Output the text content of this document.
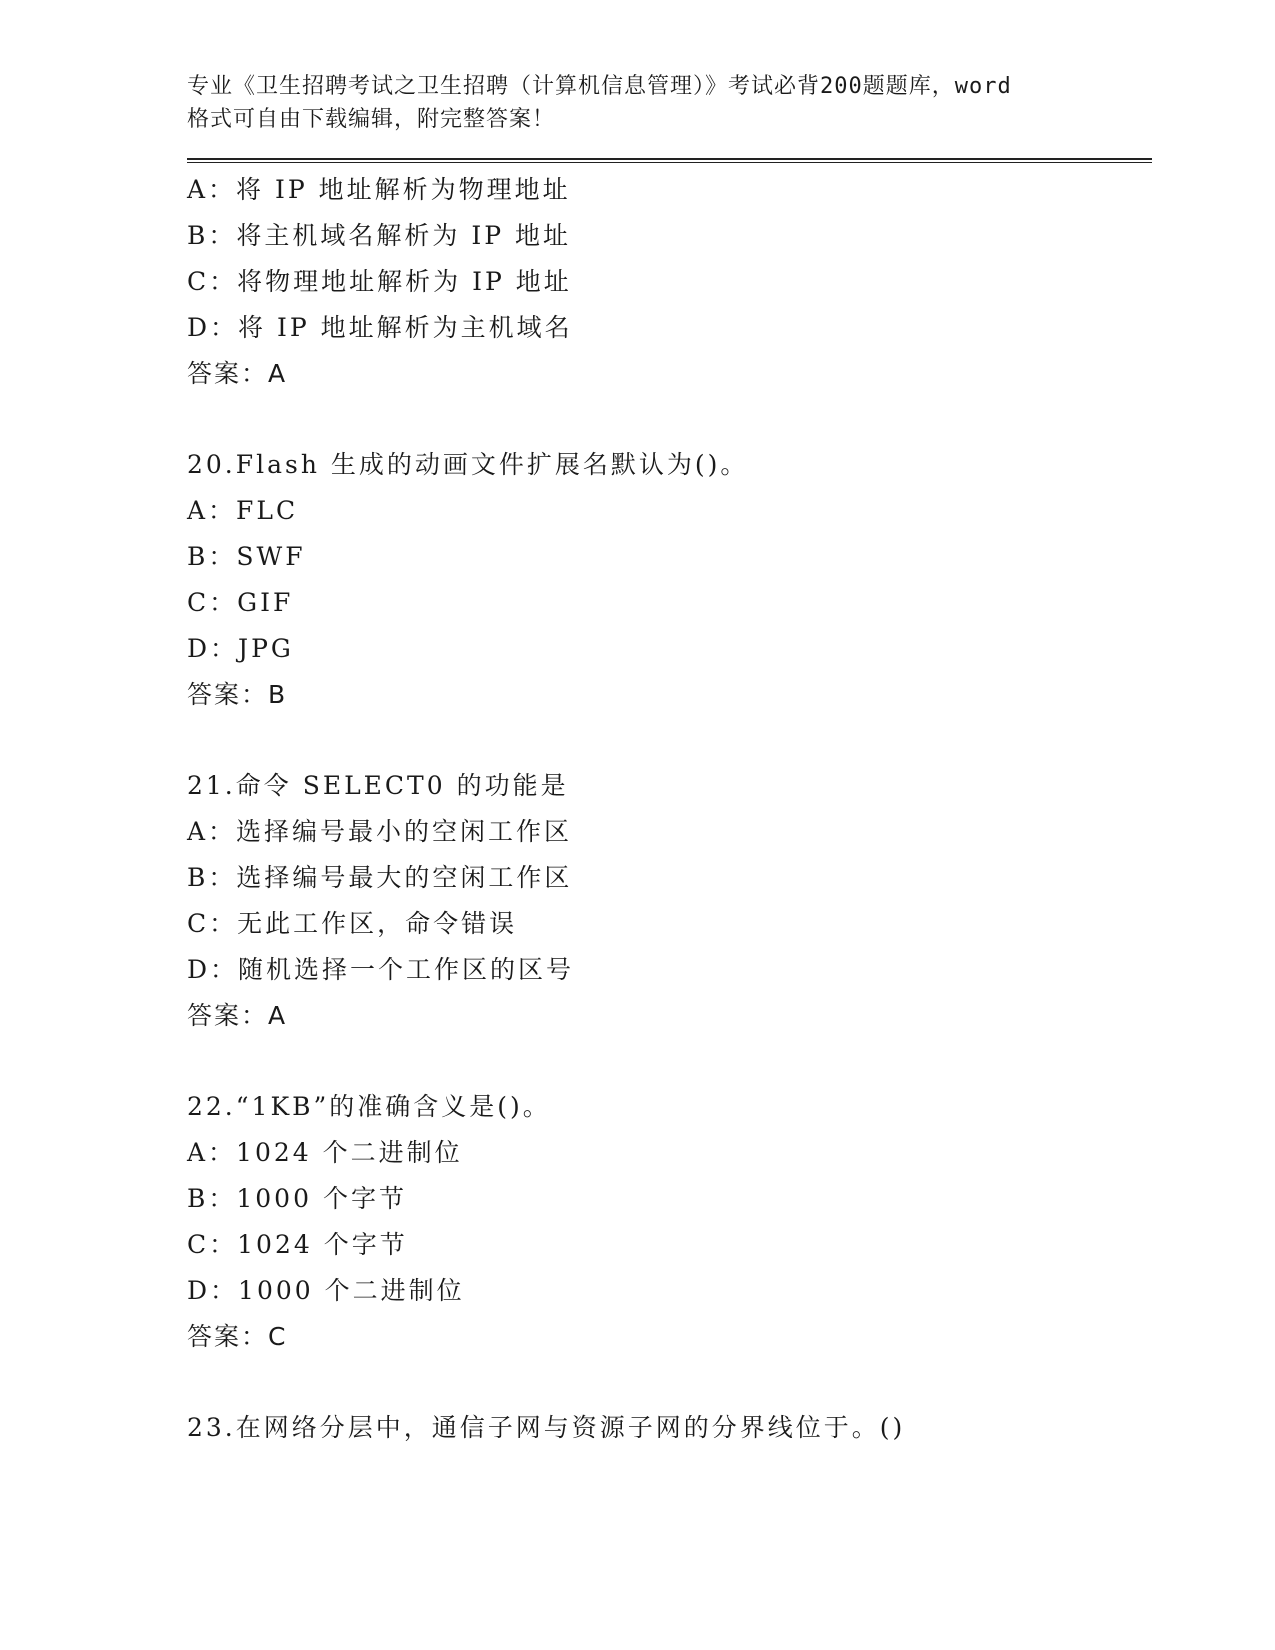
专业《卫生招聘考试之卫生招聘（计算机信息管理）》考试必背200题题库，word
格式可自由下载编辑，附完整答案！
A：将 IP 地址解析为物理地址
B：将主机域名解析为 IP 地址
C：将物理地址解析为 IP 地址
D：将 IP 地址解析为主机域名
答案：A
20.Flash 生成的动画文件扩展名默认为()。
A：FLC
B：SWF
C：GIF
D：JPG
答案：B
21.命令 SELECT0 的功能是
A：选择编号最小的空闲工作区
B：选择编号最大的空闲工作区
C：无此工作区，命令错误
D：随机选择一个工作区的区号
答案：A
22.“1KB”的准确含义是()。
A：1024 个二进制位
B：1000 个字节
C：1024 个字节
D：1000 个二进制位
答案：C
23.在网络分层中，通信子网与资源子网的分界线位于。()
